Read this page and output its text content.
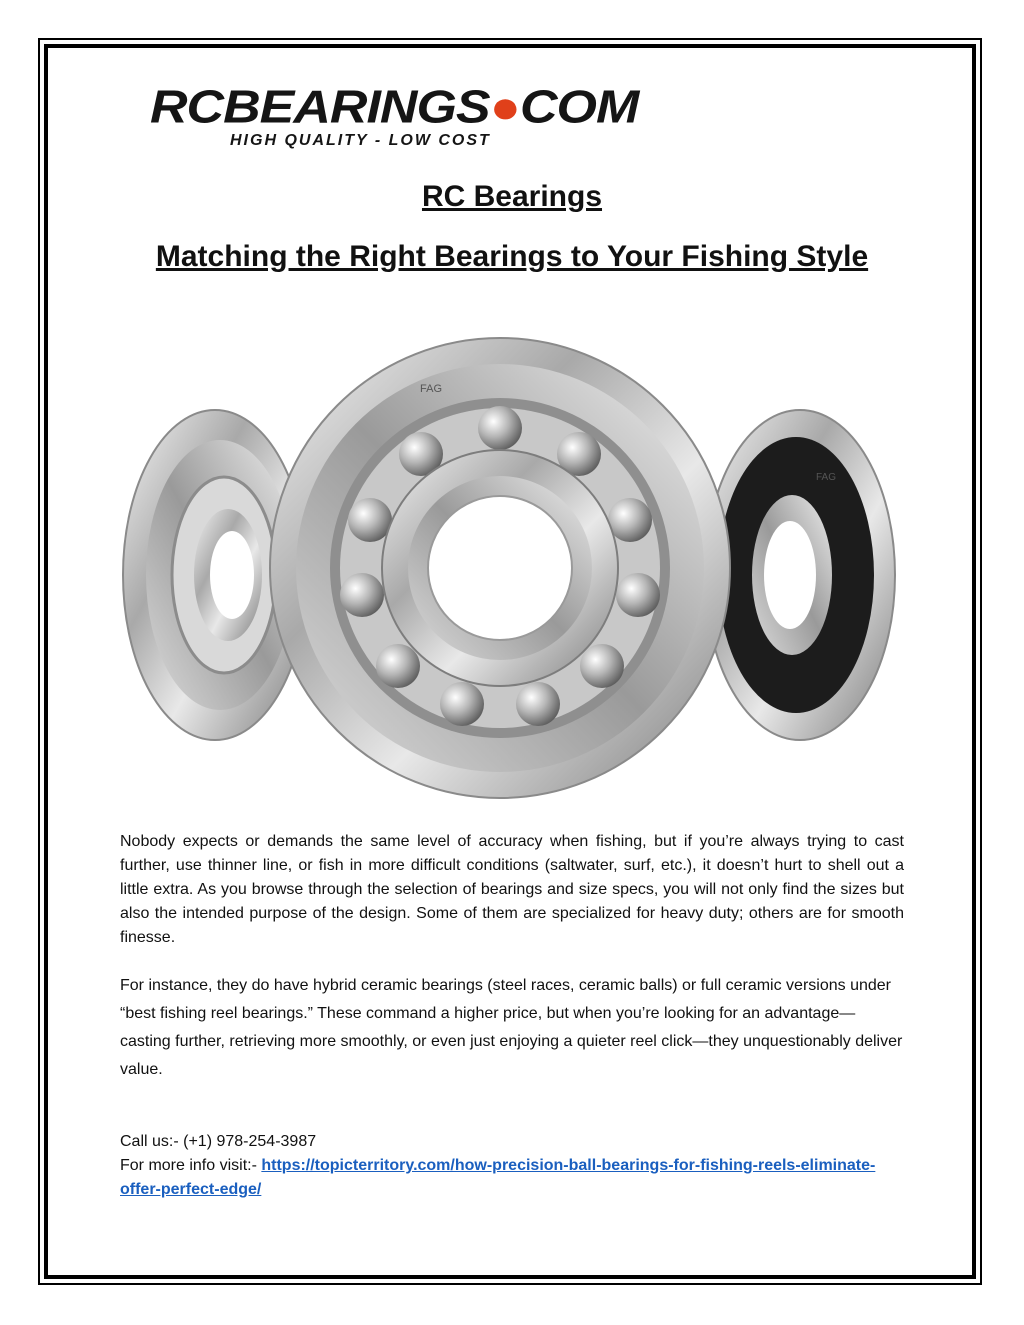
RCBEARINGS●COM
HIGH QUALITY - LOW COST
RC Bearings
Matching the Right Bearings to Your Fishing Style
FAG
FAG

Nobody expects or demands the same level of accuracy when fishing, but if you’re always trying to cast further, use thinner line, or fish in more difficult conditions (saltwater, surf, etc.), it doesn’t hurt to shell out a little extra. As you browse through the selection of bearings and size specs, you will not only find the sizes but also the intended purpose of the design. Some of them are specialized for heavy duty; others are for smooth finesse.

For instance, they do have hybrid ceramic bearings (steel races, ceramic balls) or full ceramic versions under “best fishing reel bearings.” These command a higher price, but when you’re looking for an advantage—casting further, retrieving more smoothly, or even just enjoying a quieter reel click—they unquestionably deliver value.

Call us:- (+1) 978-254-3987
For more info visit:- https://topicterritory.com/how-precision-ball-bearings-for-fishing-reels-eliminate-offer-perfect-edge/
